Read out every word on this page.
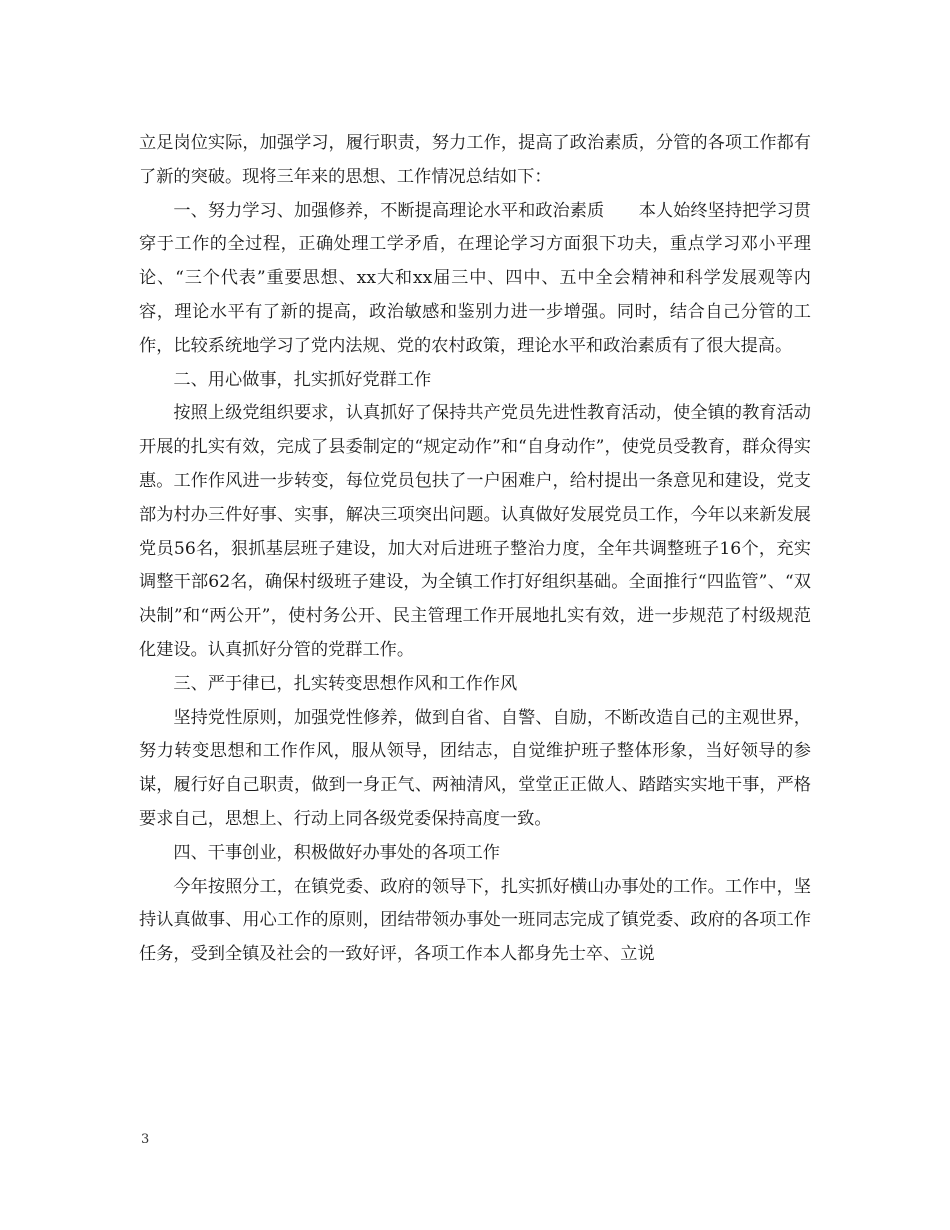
立足岗位实际，加强学习，履行职责，努力工作，提高了政治素质，分管的各项工作都有了新的突破。现将三年来的思想、工作情况总结如下：

一、努力学习、加强修养，不断提高理论水平和政治素质　　本人始终坚持把学习贯穿于工作的全过程，正确处理工学矛盾，在理论学习方面狠下功夫，重点学习邓小平理论、“三个代表”重要思想、xx大和xx届三中、四中、五中全会精神和科学发展观等内容，理论水平有了新的提高，政治敏感和鉴别力进一步增强。同时，结合自己分管的工作，比较系统地学习了党内法规、党的农村政策，理论水平和政治素质有了很大提高。

二、用心做事，扎实抓好党群工作

按照上级党组织要求，认真抓好了保持共产党员先进性教育活动，使全镇的教育活动开展的扎实有效，完成了县委制定的“规定动作”和“自身动作”，使党员受教育，群众得实惠。工作作风进一步转变，每位党员包扶了一户困难户，给村提出一条意见和建设，党支部为村办三件好事、实事，解决三项突出问题。认真做好发展党员工作，今年以来新发展党员56名，狠抓基层班子建设，加大对后进班子整治力度，全年共调整班子16个，充实调整干部62名，确保村级班子建设，为全镇工作打好组织基础。全面推行“四监管”、“双决制”和“两公开”，使村务公开、民主管理工作开展地扎实有效，进一步规范了村级规范化建设。认真抓好分管的党群工作。

三、严于律已，扎实转变思想作风和工作作风

坚持党性原则，加强党性修养，做到自省、自警、自励，不断改造自己的主观世界，努力转变思想和工作作风，服从领导，团结志，自觉维护班子整体形象，当好领导的参谋，履行好自己职责，做到一身正气、两袖清风，堂堂正正做人、踏踏实实地干事，严格要求自己，思想上、行动上同各级党委保持高度一致。

四、干事创业，积极做好办事处的各项工作

今年按照分工，在镇党委、政府的领导下，扎实抓好横山办事处的工作。工作中，坚持认真做事、用心工作的原则，团结带领办事处一班同志完成了镇党委、政府的各项工作任务，受到全镇及社会的一致好评，各项工作本人都身先士卒、立说

3
